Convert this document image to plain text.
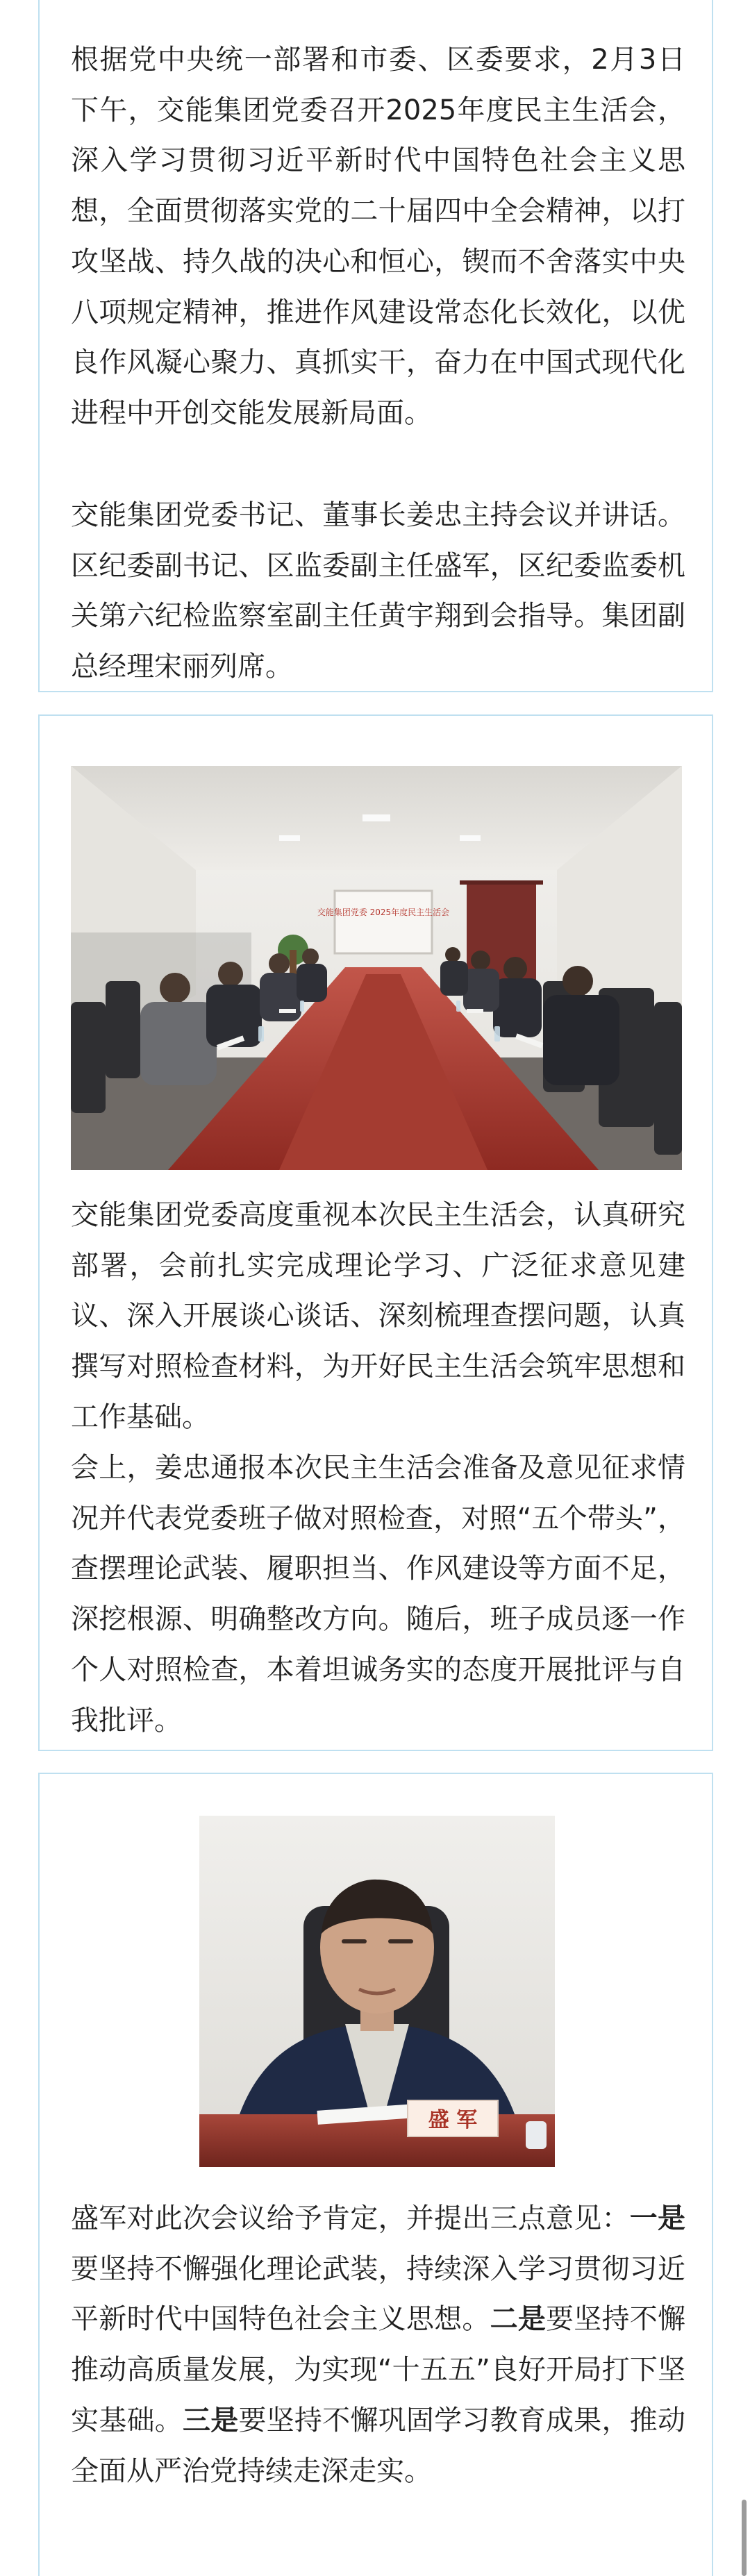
根据党中央统一部署和市委、区委要求，2月3日下午，交能集团党委召开2025年度民主生活会，深入学习贯彻习近平新时代中国特色社会主义思想，全面贯彻落实党的二十届四中全会精神，以打攻坚战、持久战的决心和恒心，锲而不舍落实中央八项规定精神，推进作风建设常态化长效化，以优良作风凝心聚力、真抓实干，奋力在中国式现代化进程中开创交能发展新局面。

交能集团党委书记、董事长姜忠主持会议并讲话。区纪委副书记、区监委副主任盛军，区纪委监委机关第六纪检监察室副主任黄宇翔到会指导。集团副总经理宋丽列席。

交能集团党委 2025年度民主生活会

交能集团党委高度重视本次民主生活会，认真研究部署，会前扎实完成理论学习、广泛征求意见建议、深入开展谈心谈话、深刻梳理查摆问题，认真撰写对照检查材料，为开好民主生活会筑牢思想和工作基础。

会上，姜忠通报本次民主生活会准备及意见征求情况并代表党委班子做对照检查，对照“五个带头”，查摆理论武装、履职担当、作风建设等方面不足，深挖根源、明确整改方向。随后，班子成员逐一作个人对照检查，本着坦诚务实的态度开展批评与自我批评。

盛 军

盛军对此次会议给予肯定，并提出三点意见：一是要坚持不懈强化理论武装，持续深入学习贯彻习近平新时代中国特色社会主义思想。二是要坚持不懈推动高质量发展，为实现“十五五”良好开局打下坚实基础。三是要坚持不懈巩固学习教育成果，推动全面从严治党持续走深走实。
